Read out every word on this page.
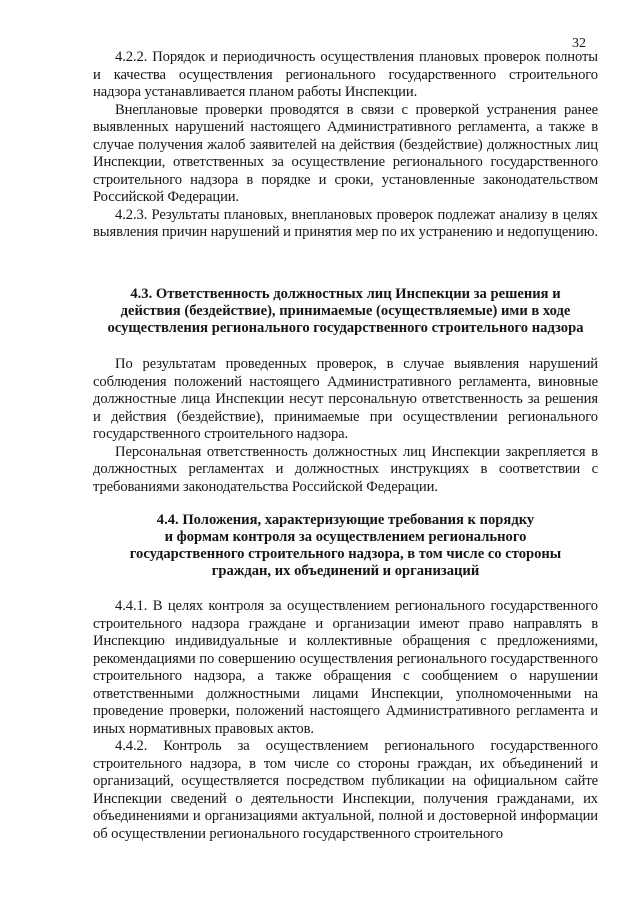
32

4.2.2. Порядок и периодичность осуществления плановых проверок полноты и качества осуществления регионального государственного строительного надзора устанавливается планом работы Инспекции.

Внеплановые проверки проводятся в связи с проверкой устранения ранее выявленных нарушений настоящего Административного регламента, а также в случае получения жалоб заявителей на действия (бездействие) должностных лиц Инспекции, ответственных за осуществление регионального государственного строительного надзора в порядке и сроки, установленные законодательством Российской Федерации.

4.2.3. Результаты плановых, внеплановых проверок подлежат анализу в целях выявления причин нарушений и принятия мер по их устранению и недопущению.

4.3. Ответственность должностных лиц Инспекции за решения и
действия (бездействие), принимаемые (осуществляемые) ими в ходе
осуществления регионального государственного строительного надзора

По результатам проведенных проверок, в случае выявления нарушений соблюдения положений настоящего Административного регламента, виновные должностные лица Инспекции несут персональную ответственность за решения и действия (бездействие), принимаемые при осуществлении регионального государственного строительного надзора.

Персональная ответственность должностных лиц Инспекции закрепляется в должностных регламентах и должностных инструкциях в соответствии с требованиями законодательства Российской Федерации.

4.4. Положения, характеризующие требования к порядку
и формам контроля за осуществлением регионального
государственного строительного надзора, в том числе со стороны
граждан, их объединений и организаций

4.4.1. В целях контроля за осуществлением регионального государственного строительного надзора граждане и организации имеют право направлять в Инспекцию индивидуальные и коллективные обращения с предложениями, рекомендациями по совершению осуществления регионального государственного строительного надзора, а также обращения с сообщением о нарушении ответственными должностными лицами Инспекции, уполномоченными на проведение проверки, положений настоящего Административного регламента и иных нормативных правовых актов.

4.4.2. Контроль за осуществлением регионального государственного строительного надзора, в том числе со стороны граждан, их объединений и организаций, осуществляется посредством публикации на официальном сайте Инспекции сведений о деятельности Инспекции, получения гражданами, их объединениями и организациями актуальной, полной и достоверной информации об осуществлении регионального государственного строительного
